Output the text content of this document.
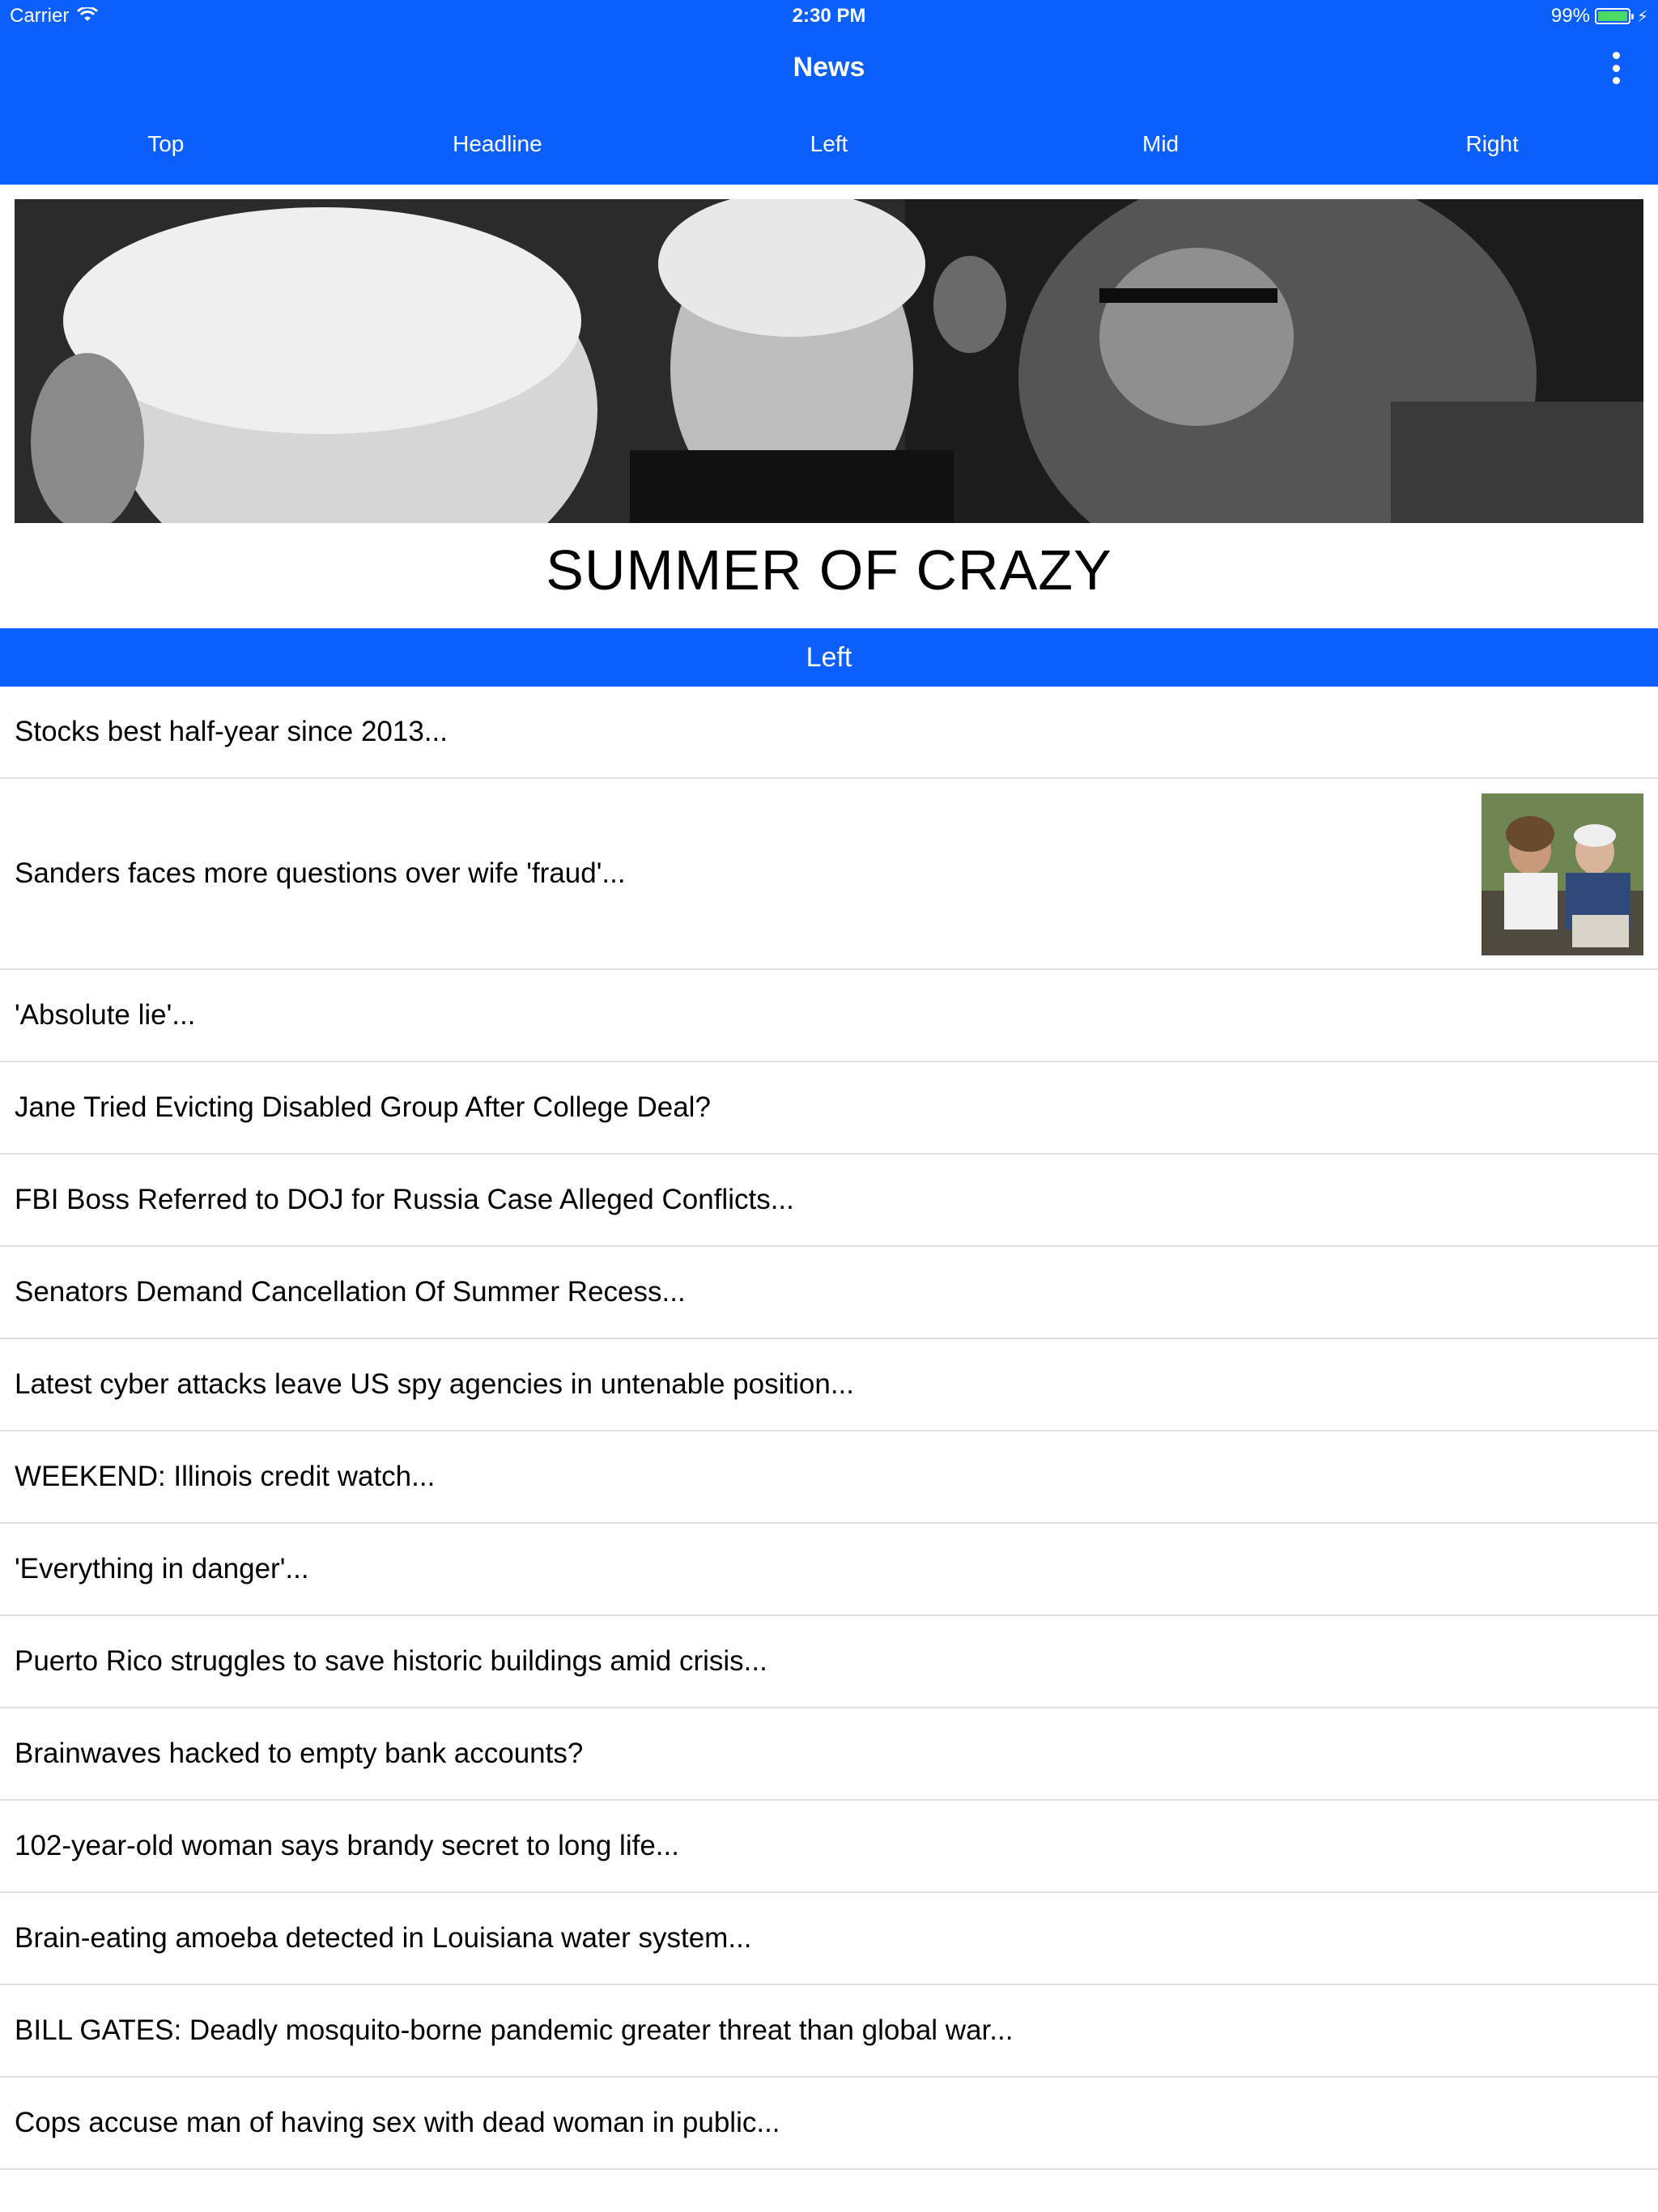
Carrier	2:30 PM	99%	⚡
News
Top	Headline	Left	Mid	Right
SUMMER OF CRAZY
Left
Stocks best half-year since 2013...
Sanders faces more questions over wife 'fraud'...
'Absolute lie'...
Jane Tried Evicting Disabled Group After College Deal?
FBI Boss Referred to DOJ for Russia Case Alleged Conflicts...
Senators Demand Cancellation Of Summer Recess...
Latest cyber attacks leave US spy agencies in untenable position...
WEEKEND: Illinois credit watch...
'Everything in danger'...
Puerto Rico struggles to save historic buildings amid crisis...
Brainwaves hacked to empty bank accounts?
102-year-old woman says brandy secret to long life...
Brain-eating amoeba detected in Louisiana water system...
BILL GATES: Deadly mosquito-borne pandemic greater threat than global war...
Cops accuse man of having sex with dead woman in public...
